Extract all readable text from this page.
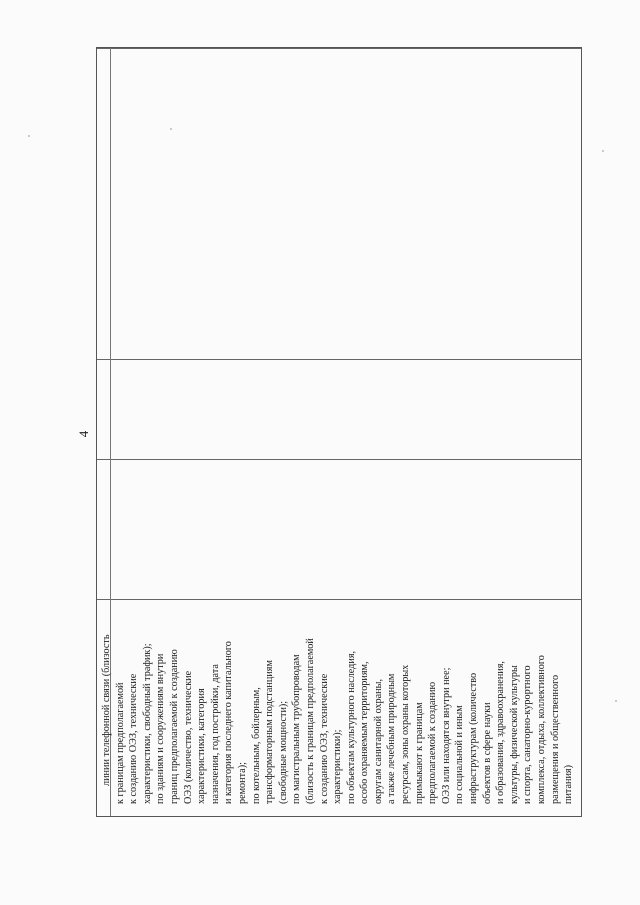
4
линии телефонной связи (близость к границам предполагаемой к созданию ОЭЗ, технические характеристики, свободный трафик); по зданиям и сооружениям внутри границ предполагаемой к созданию ОЭЗ (количество, технические характеристики, категория назначения, год постройки, дата и категория последнего капитального ремонта); по котельным, бойлерным, трансформаторным подстанциям (свободные мощности); по магистральным трубопроводам (близость к границам предполагаемой к созданию ОЭЗ, технические характеристики); по объектам культурного наследия, особо охраняемым территориям, округам санитарной охраны, а также лечебным природным ресурсам, зоны охраны которых примыкают к границам предполагаемой к созданию ОЭЗ или находятся внутри нее; по социальной и иным инфраструктурам (количество объектов в сфере науки и образования, здравоохранения, культуры, физической культуры и спорта, санаторно-курортного комплекса, отдыха, коллективного размещения и общественного питания)
